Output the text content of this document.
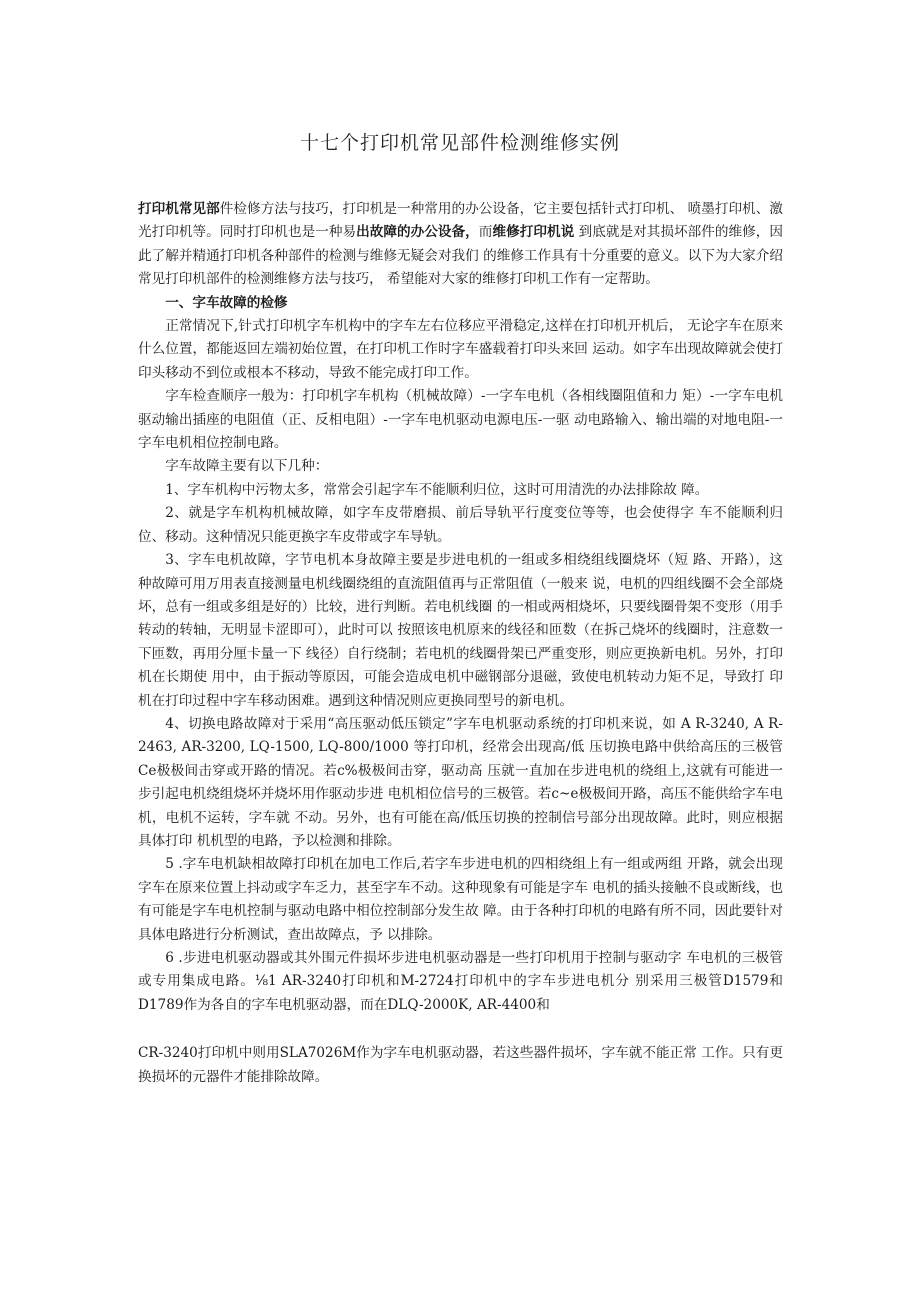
十七个打印机常见部件检测维修实例

打印机常见部件检修方法与技巧，打印机是一种常用的办公设备，它主要包括针式打印机、 喷墨打印机、激光打印机等。同时打印机也是一种易出故障的办公设备，而维修打印机说 到底就是对其损坏部件的维修，因此了解并精通打印机各种部件的检测与维修无疑会对我们 的维修工作具有十分重要的意义。以下为大家介绍常见打印机部件的检测维修方法与技巧， 希望能对大家的维修打印机工作有一定帮助。

一、字车故障的检修

正常情况下,针式打印机字车机构中的字车左右位移应平滑稳定,这样在打印机开机后， 无论字车在原来什么位置，都能返回左端初始位置，在打印机工作时字车盛载着打印头来回 运动。如字车出现故障就会使打印头移动不到位或根本不移动，导致不能完成打印工作。

字车检查顺序一般为：打印机字车机构（机械故障）-一字车电机（各相线圈阻值和力 矩）-一字车电机驱动输出插座的电阻值（正、反相电阻）-一字车电机驱动电源电压-一驱 动电路输入、输出端的对地电阻-一字车电机相位控制电路。

字车故障主要有以下几种：

1、字车机构中污物太多，常常会引起字车不能顺利归位，这时可用清洗的办法排除故 障。

2、就是字车机构机械故障，如字车皮带磨损、前后导轨平行度变位等等，也会使得字 车不能顺利归位、移动。这种情况只能更换字车皮带或字车导轨。

3、字车电机故障，字节电机本身故障主要是步进电机的一组或多相绕组线圈烧坏（短 路、开路），这种故障可用万用表直接测量电机线圈绕组的直流阻值再与正常阻值（一般来 说，电机的四组线圈不会全部烧坏，总有一组或多组是好的）比较，进行判断。若电机线圈 的一相或两相烧坏，只要线圈骨架不变形（用手转动的转轴，无明显卡涩即可），此时可以 按照该电机原来的线径和匝数（在拆己烧坏的线圈时，注意数一下匝数，再用分厘卡量一下 线径）自行绕制；若电机的线圈骨架已严重变形，则应更换新电机。另外，打印机在长期使 用中，由于振动等原因，可能会造成电机中磁钢部分退磁，致使电机转动力矩不足，导致打 印机在打印过程中字车移动困难。遇到这种情况则应更换同型号的新电机。

4、切换电路故障对于采用“高压驱动低压锁定”字车电机驱动系统的打印机来说，如 A R-3240, A R-2463, AR-3200, LQ-1500, LQ-800/1000 等打印机，经常会出现高/低 压切换电路中供给高压的三极管Ce极极间击穿或开路的情况。若c%极极间击穿，驱动高 压就一直加在步进电机的绕组上,这就有可能进一步引起电机绕组烧坏并烧坏用作驱动步进 电机相位信号的三极管。若c~e极极间开路，高压不能供给字车电机，电机不运转，字车就 不动。另外，也有可能在高/低压切换的控制信号部分出现故障。此时，则应根据具体打印 机机型的电路，予以检测和排除。

5 .字车电机缺相故障打印机在加电工作后,若字车步进电机的四相绕组上有一组或两组 开路，就会出现字车在原来位置上抖动或字车乏力，甚至字车不动。这种现象有可能是字车 电机的插头接触不良或断线，也有可能是字车电机控制与驱动电路中相位控制部分发生故 障。由于各种打印机的电路有所不同，因此要针对具体电路进行分析测试，查出故障点，予 以排除。

6 .步进电机驱动器或其外围元件损坏步进电机驱动器是一些打印机用于控制与驱动字 车电机的三极管或专用集成电路。⅛1 AR-3240打印机和M-2724打印机中的字车步进电机分 别采用三极管D1579和D1789作为各自的字车电机驱动器，而在DLQ-2000K, AR-4400和

CR-3240打印机中则用SLA7026M作为字车电机驱动器，若这些器件损坏，字车就不能正常 工作。只有更换损坏的元器件才能排除故障。
